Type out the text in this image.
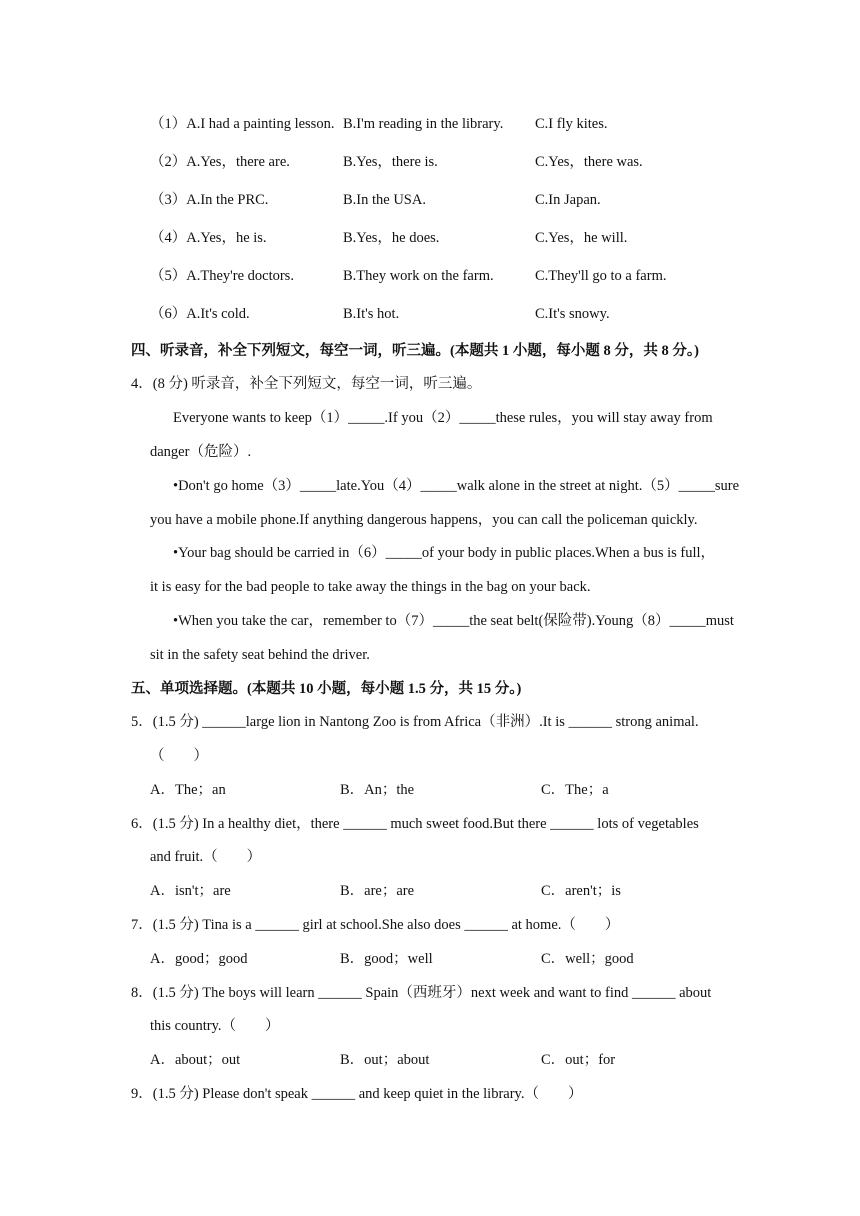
（1）A.I had a painting lesson. B.I'm reading in the library. C.I fly kites.
（2）A.Yes，there are.	B.Yes，there is.	C.Yes，there was.
（3）A.In the PRC.	B.In the USA.	C.In Japan.
（4）A.Yes，he is.	B.Yes，he does.	C.Yes，he will.
（5）A.They're doctors.	B.They work on the farm.	C.They'll go to a farm.
（6）A.It's cold.	B.It's hot.	C.It's snowy.
四、听录音，补全下列短文，每空一词，听三遍。(本题共 1 小题，每小题 8 分，共 8 分。)
4．(8 分) 听录音，补全下列短文，每空一词，听三遍。
Everyone wants to keep（1）_____.If you（2）_____these rules，you will stay away from
danger（危险）.
•Don't go home（3）_____late.You（4）_____walk alone in the street at night.（5）_____sure
you have a mobile phone.If anything dangerous happens，you can call the policeman quickly.
•Your bag should be carried in（6）_____of your body in public places.When a bus is full，
it is easy for the bad people to take away the things in the bag on your back.
•When you take the car，remember to（7）_____the seat belt(保险带).Young（8）_____must
sit in the safety seat behind the driver.
五、单项选择题。(本题共 10 小题，每小题 1.5 分，共 15 分。)
5．(1.5 分) ______large lion in Nantong Zoo is from Africa（非洲）.It is ______ strong animal.
（　　）
A．The；an	B．An；the	C．The；a
6．(1.5 分) In a healthy diet，there ______ much sweet food.But there ______ lots of vegetables
and fruit.（　　）
A．isn't；are	B．are；are	C．aren't；is
7．(1.5 分) Tina is a ______ girl at school.She also does ______ at home.（　　）
A．good；good	B．good；well	C．well；good
8．(1.5 分) The boys will learn ______ Spain（西班牙）next week and want to find ______ about
this country.（　　）
A．about；out	B．out；about	C．out；for
9．(1.5 分) Please don't speak ______ and keep quiet in the library.（　　）
